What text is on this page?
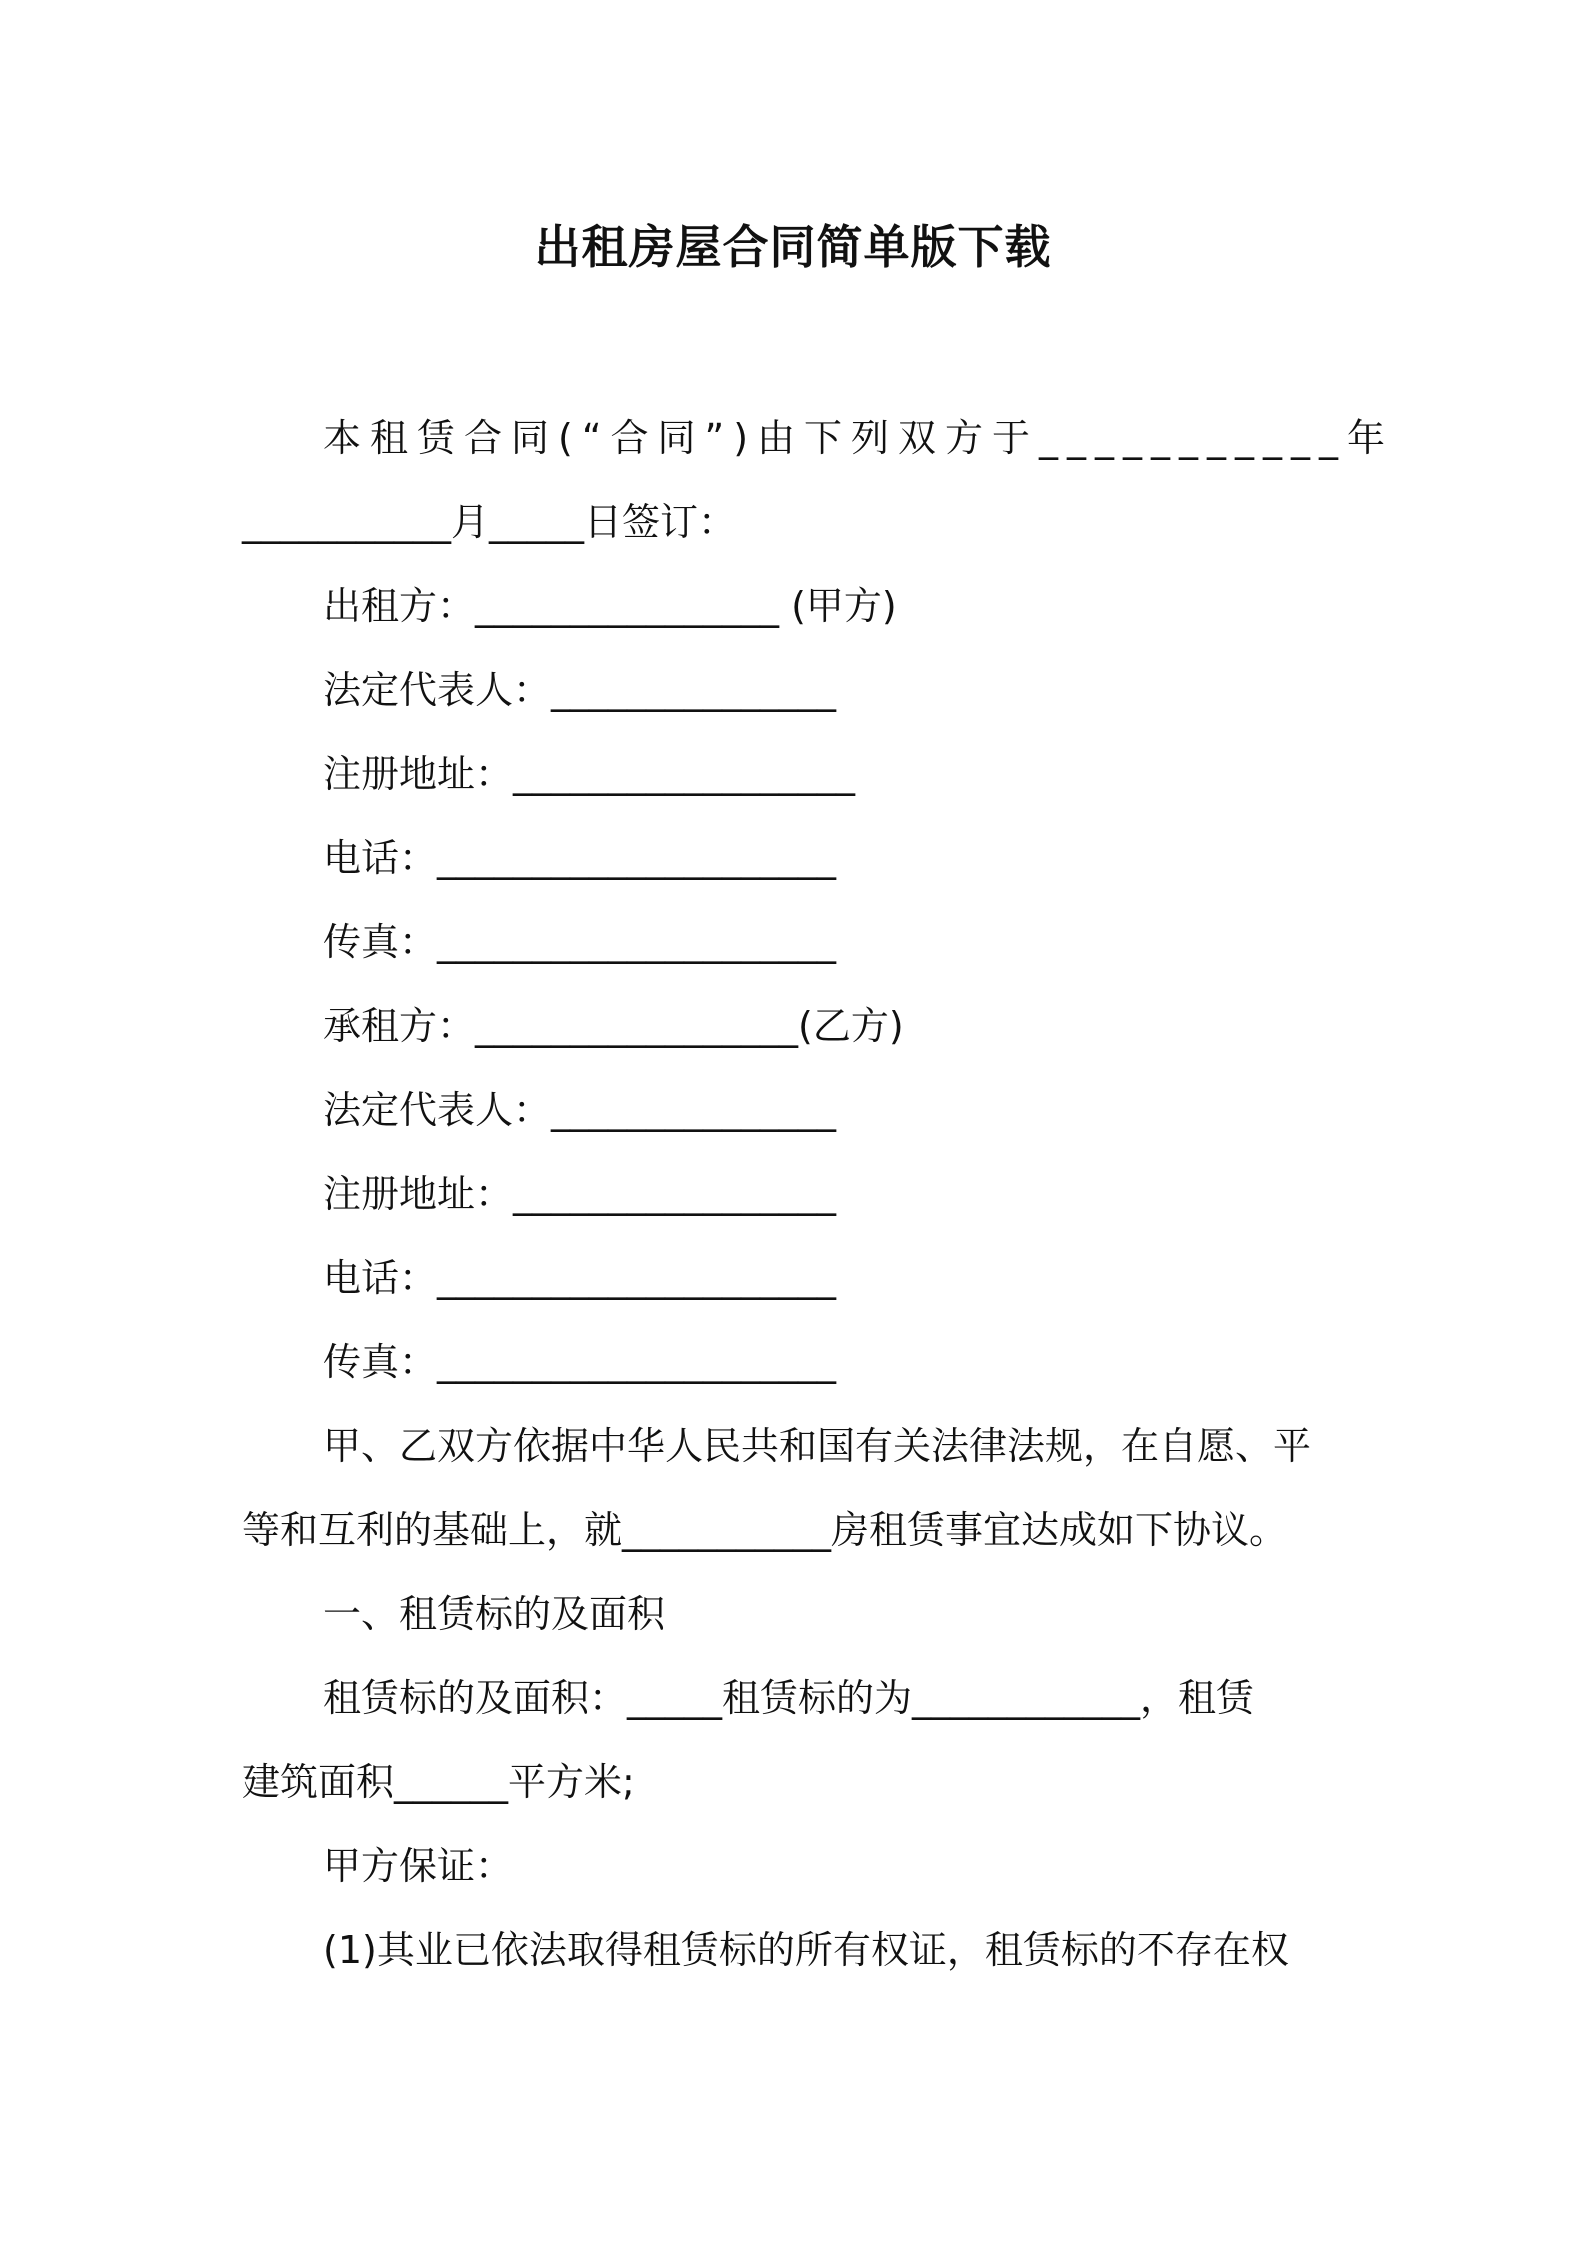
出租房屋合同简单版下载
本租赁合同(“合同”)由下列双方于___________年
___________月_____日签订：
出租方：________________ (甲方)
法定代表人：_______________
注册地址：__________________
电话：_____________________
传真：_____________________
承租方：_________________(乙方)
法定代表人：_______________
注册地址：_________________
电话：_____________________
传真：_____________________
甲、乙双方依据中华人民共和国有关法律法规，在自愿、平
等和互利的基础上，就___________房租赁事宜达成如下协议。
一、租赁标的及面积
租赁标的及面积：_____租赁标的为____________，租赁
建筑面积______平方米;
甲方保证：
(1)其业已依法取得租赁标的所有权证，租赁标的不存在权
